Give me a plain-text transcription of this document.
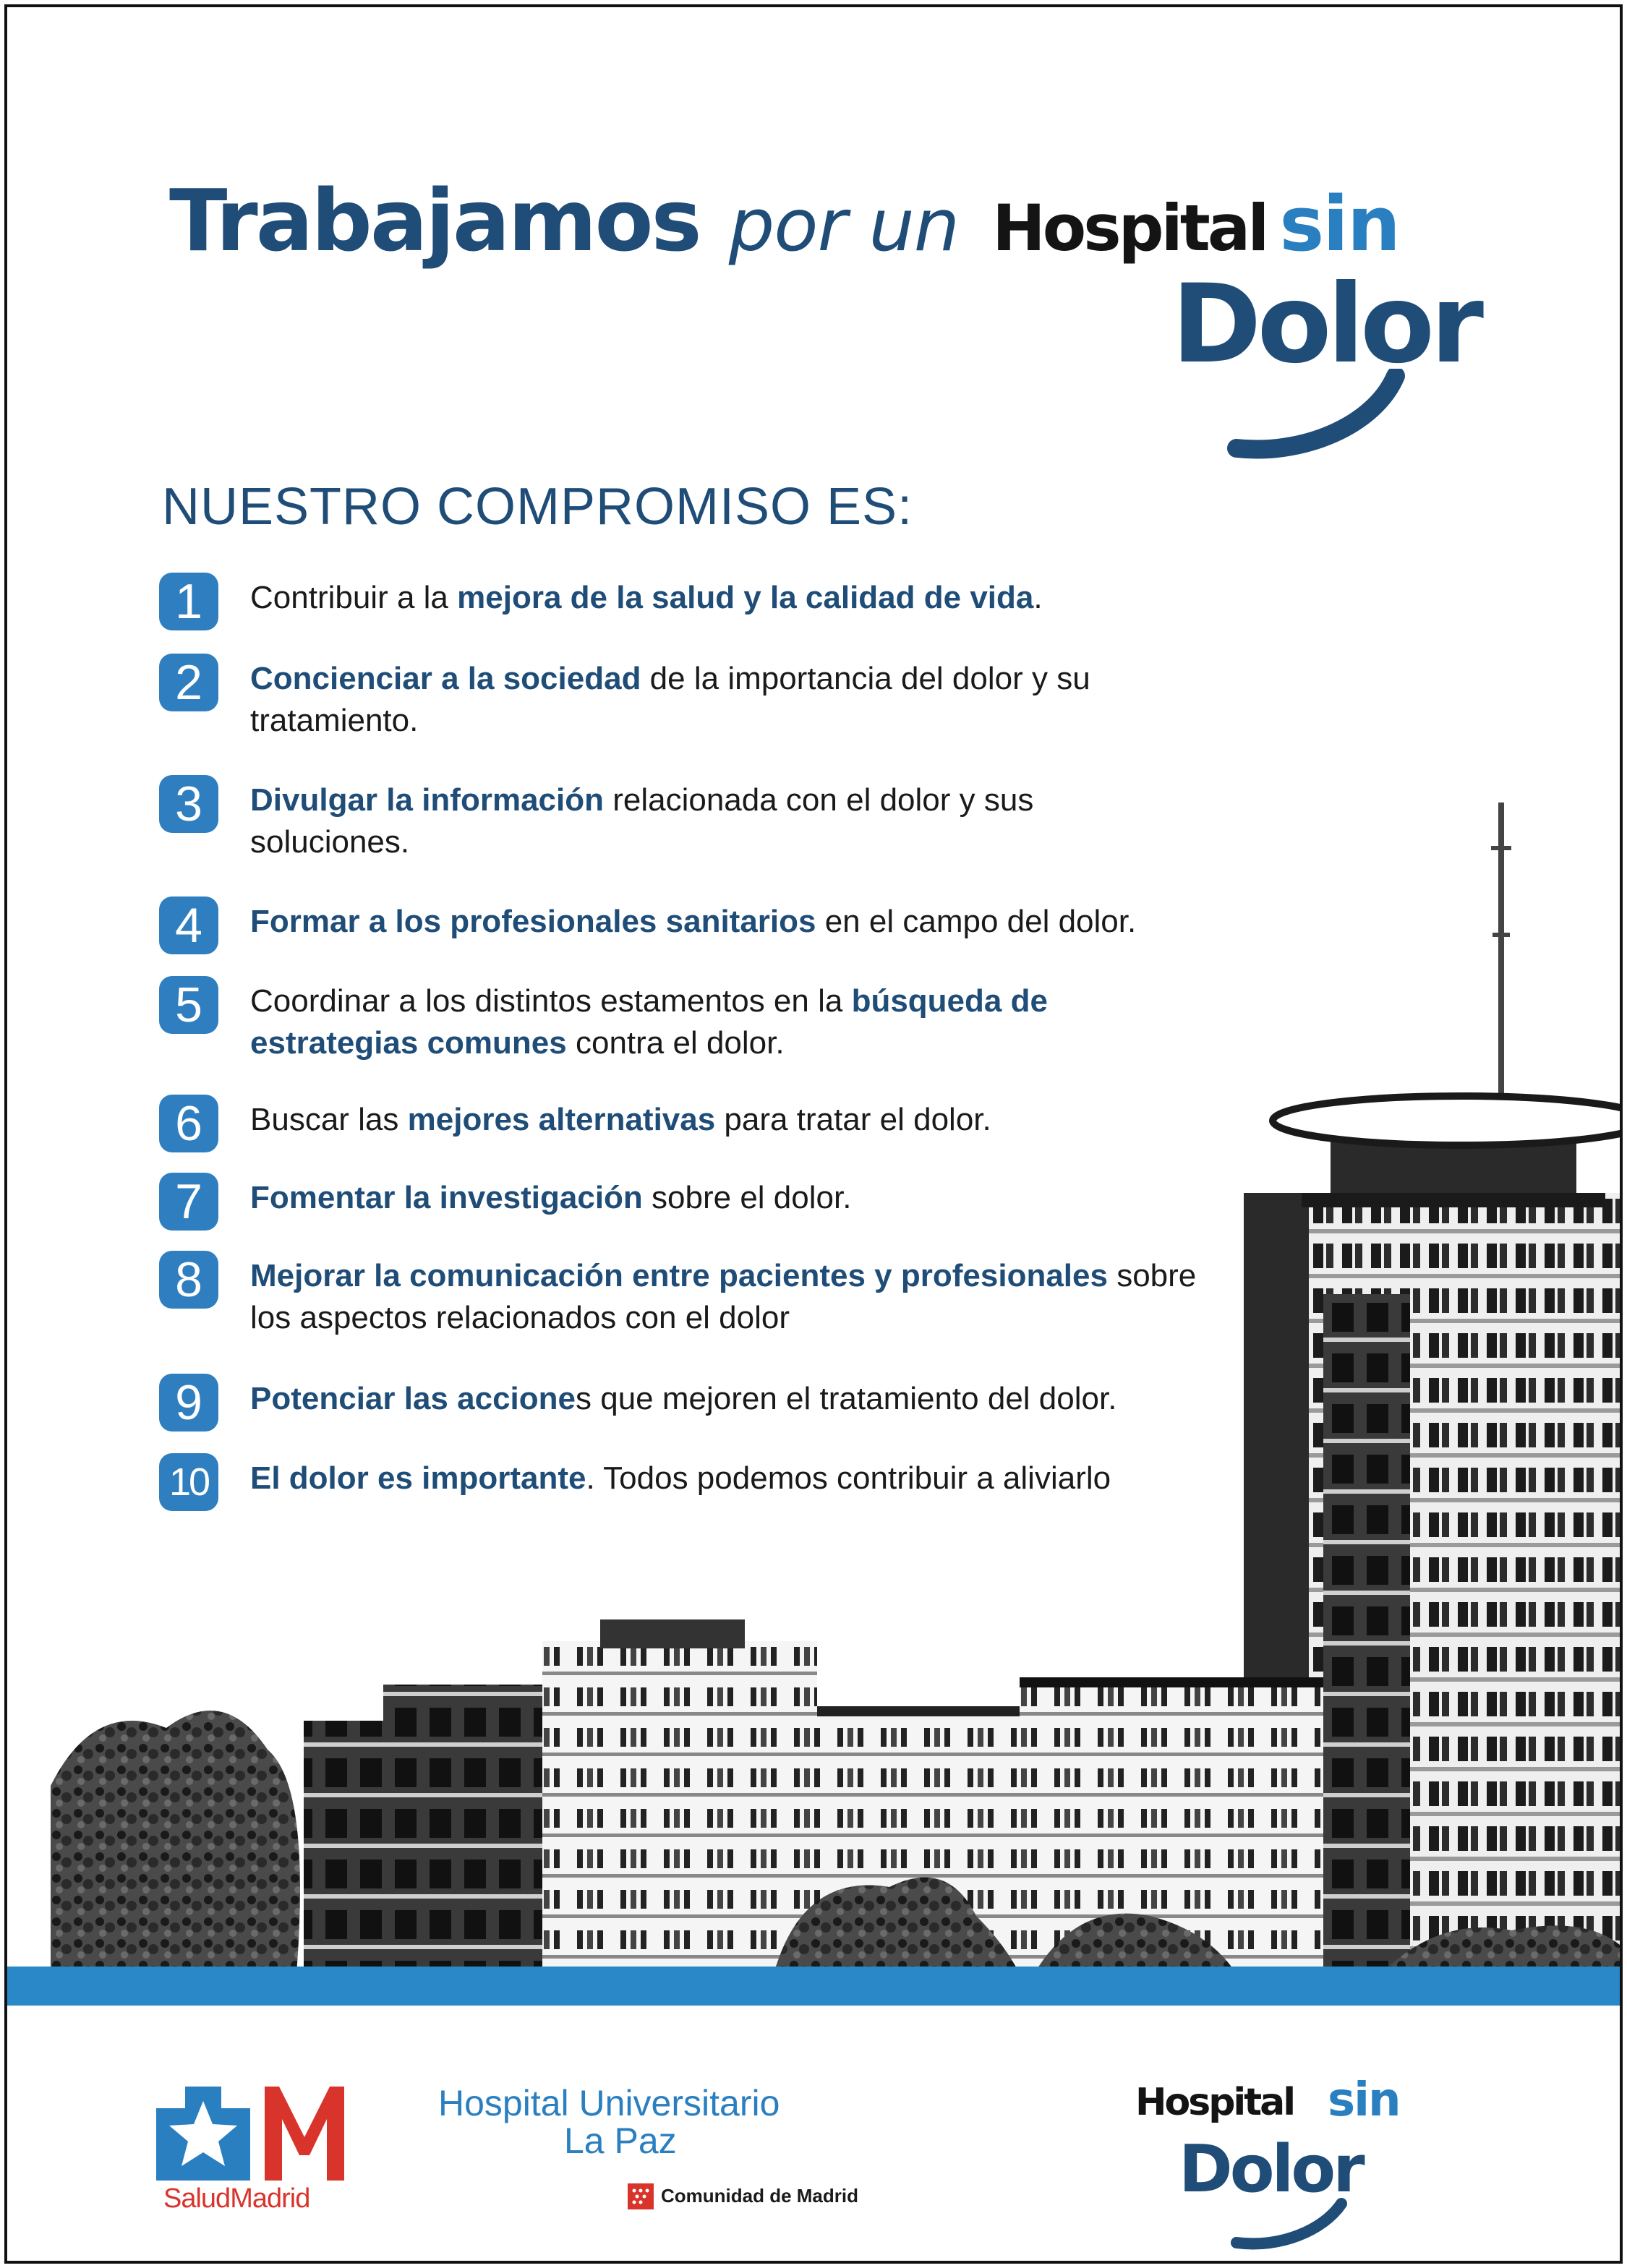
Trabajamos por un Hospital sin
Dolor
NUESTRO COMPROMISO ES:
1	Contribuir a la mejora de la salud y la calidad de vida.
2	Concienciar a la sociedad de la importancia del dolor y su tratamiento.
3	Divulgar la información relacionada con el dolor y sus soluciones.
4	Formar a los profesionales sanitarios en el campo del dolor.
5	Coordinar a los distintos estamentos en la búsqueda de estrategias comunes contra el dolor.
6	Buscar las mejores alternativas para tratar el dolor.
7	Fomentar la investigación sobre el dolor.
8	Mejorar la comunicación entre pacientes y profesionales sobre los aspectos relacionados con el dolor
9	Potenciar las acciones que mejoren el tratamiento del dolor.
10	El dolor es importante. Todos podemos contribuir a aliviarlo
SaludMadrid
Hospital Universitario
La Paz
Comunidad de Madrid
Hospital sin
Dolor
